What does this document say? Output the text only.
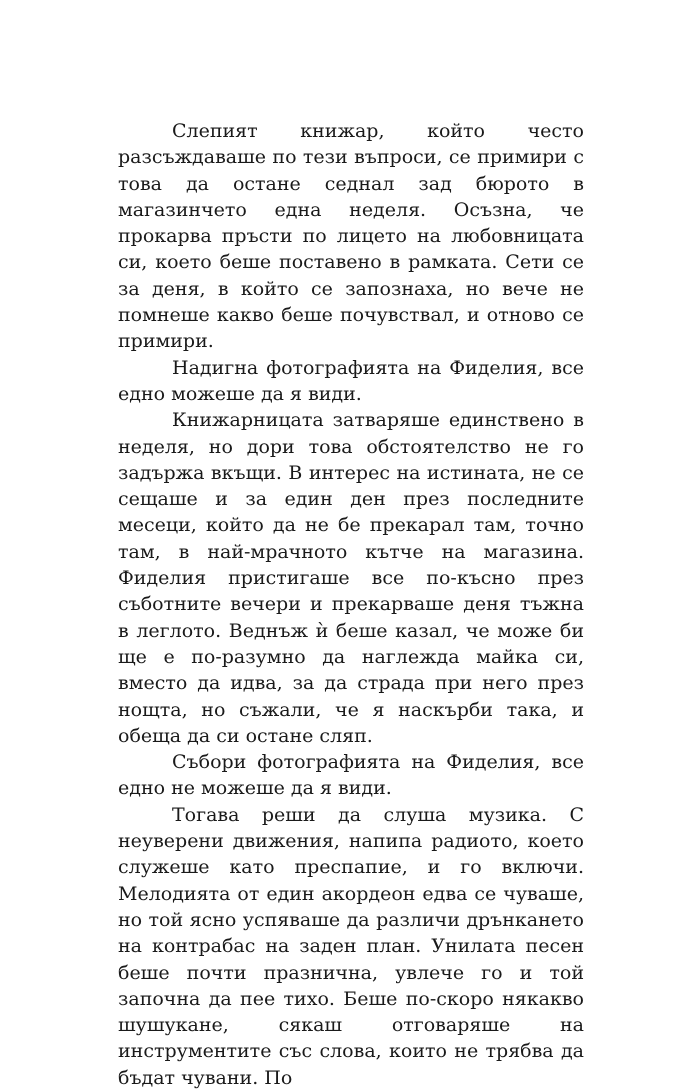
Слепият книжар, който често разсъждаваше по тези въпроси, се примири с това да остане седнал зад бюрото в магазинчето една неделя. Осъзна, че прокарва пръсти по лицето на любовницата си, което беше поставено в рамката. Сети се за деня, в който се запознаха, но вече не помнеше какво беше почувствал, и отново се примири.

Надигна фотографията на Фиделия, все едно можеше да я види.

Книжарницата затваряше единствено в неделя, но дори това обстоятелство не го задържа вкъщи. В интерес на истината, не се сещаше и за един ден през последните месеци, който да не бе прекарал там, точно там, в най-мрачното кътче на магазина. Фиделия пристигаше все по-късно през съботните вечери и прекарваше деня тъжна в леглото. Веднъж ѝ беше казал, че може би ще е по-разумно да наглежда майка си, вместо да идва, за да страда при него през нощта, но съжали, че я наскърби така, и обеща да си остане сляп.

Събори фотографията на Фиделия, все едно не можеше да я види.

Тогава реши да слуша музика. С неуверени движения, напипа радиото, което служеше като преспапие, и го включи. Мелодията от един акордеон едва се чуваше, но той ясно успяваше да различи дрънкането на контрабас на заден план. Унилата песен беше почти празнична, увлече го и той започна да пее тихо. Беше по-скоро някакво шушукане, сякаш отговаряше на инструментите със слова, които не трябва да бъдат чувани. По
